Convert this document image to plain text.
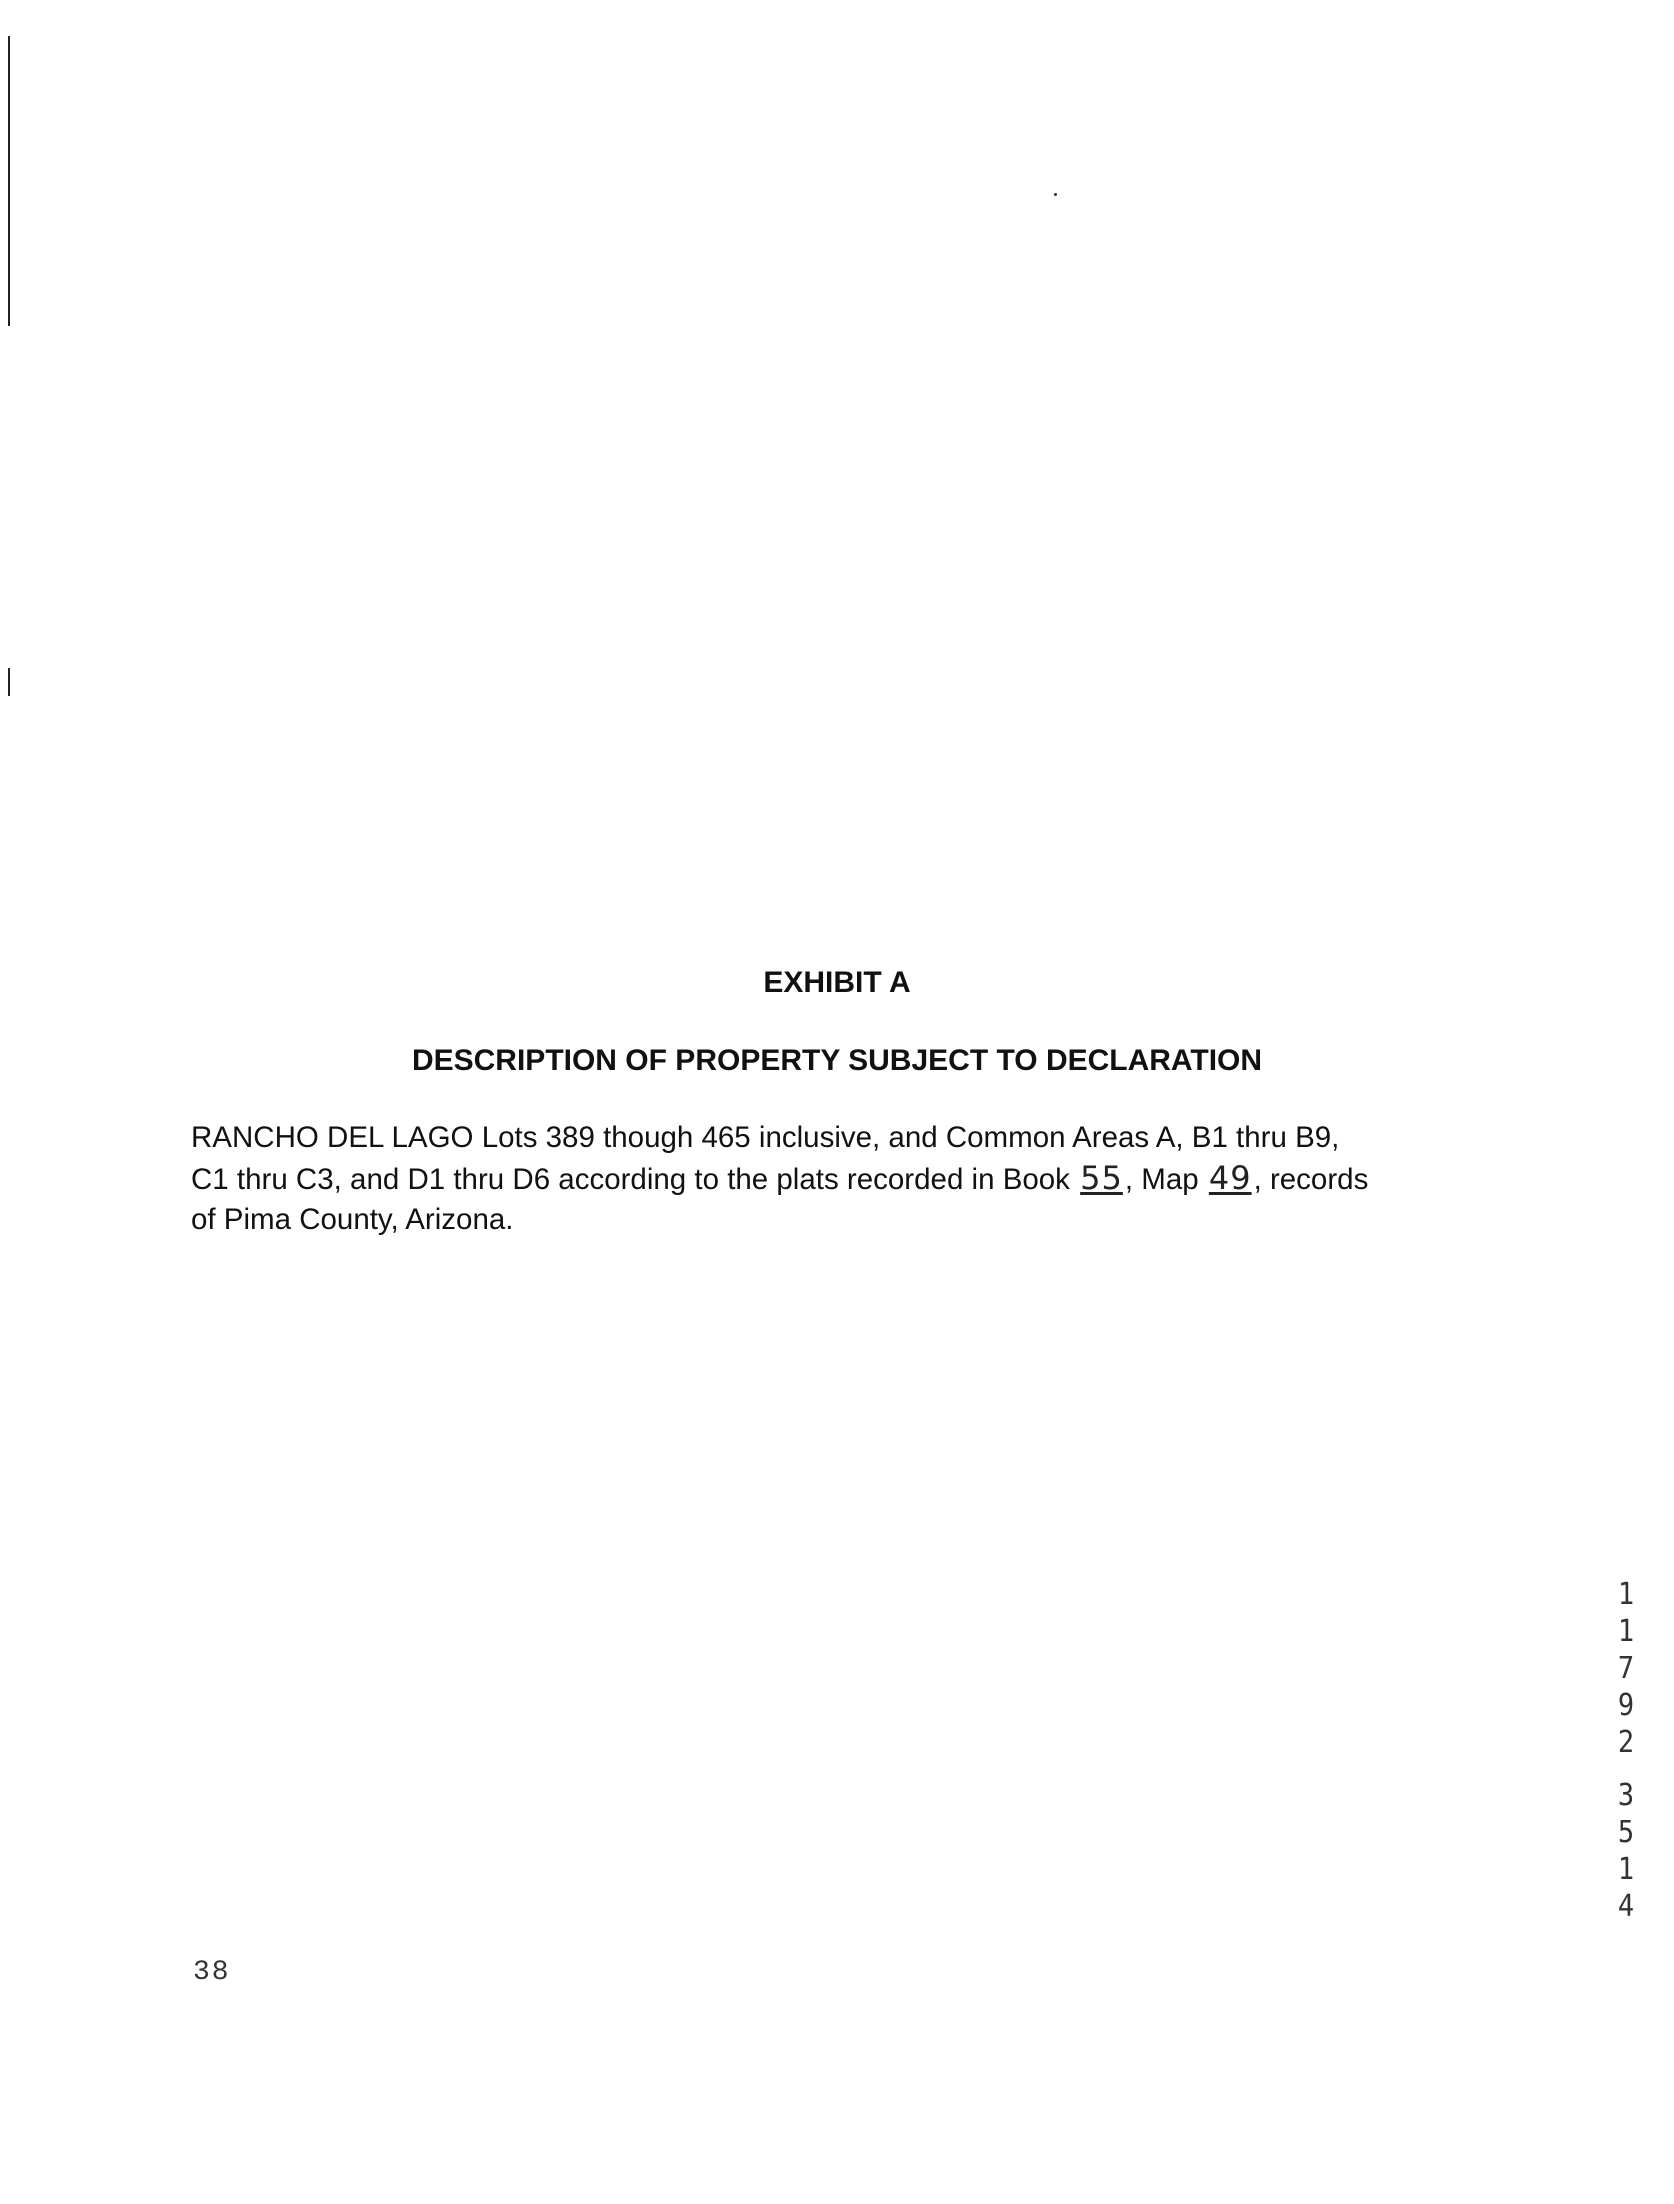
EXHIBIT A
DESCRIPTION OF PROPERTY SUBJECT TO DECLARATION

RANCHO DEL LAGO Lots 389 though 465 inclusive, and Common Areas A, B1 thru B9,
C1 thru C3, and D1 thru D6 according to the plats recorded in Book 55, Map 49, records
of Pima County, Arizona.

38

1
1
7
9
2
3
5
1
4
